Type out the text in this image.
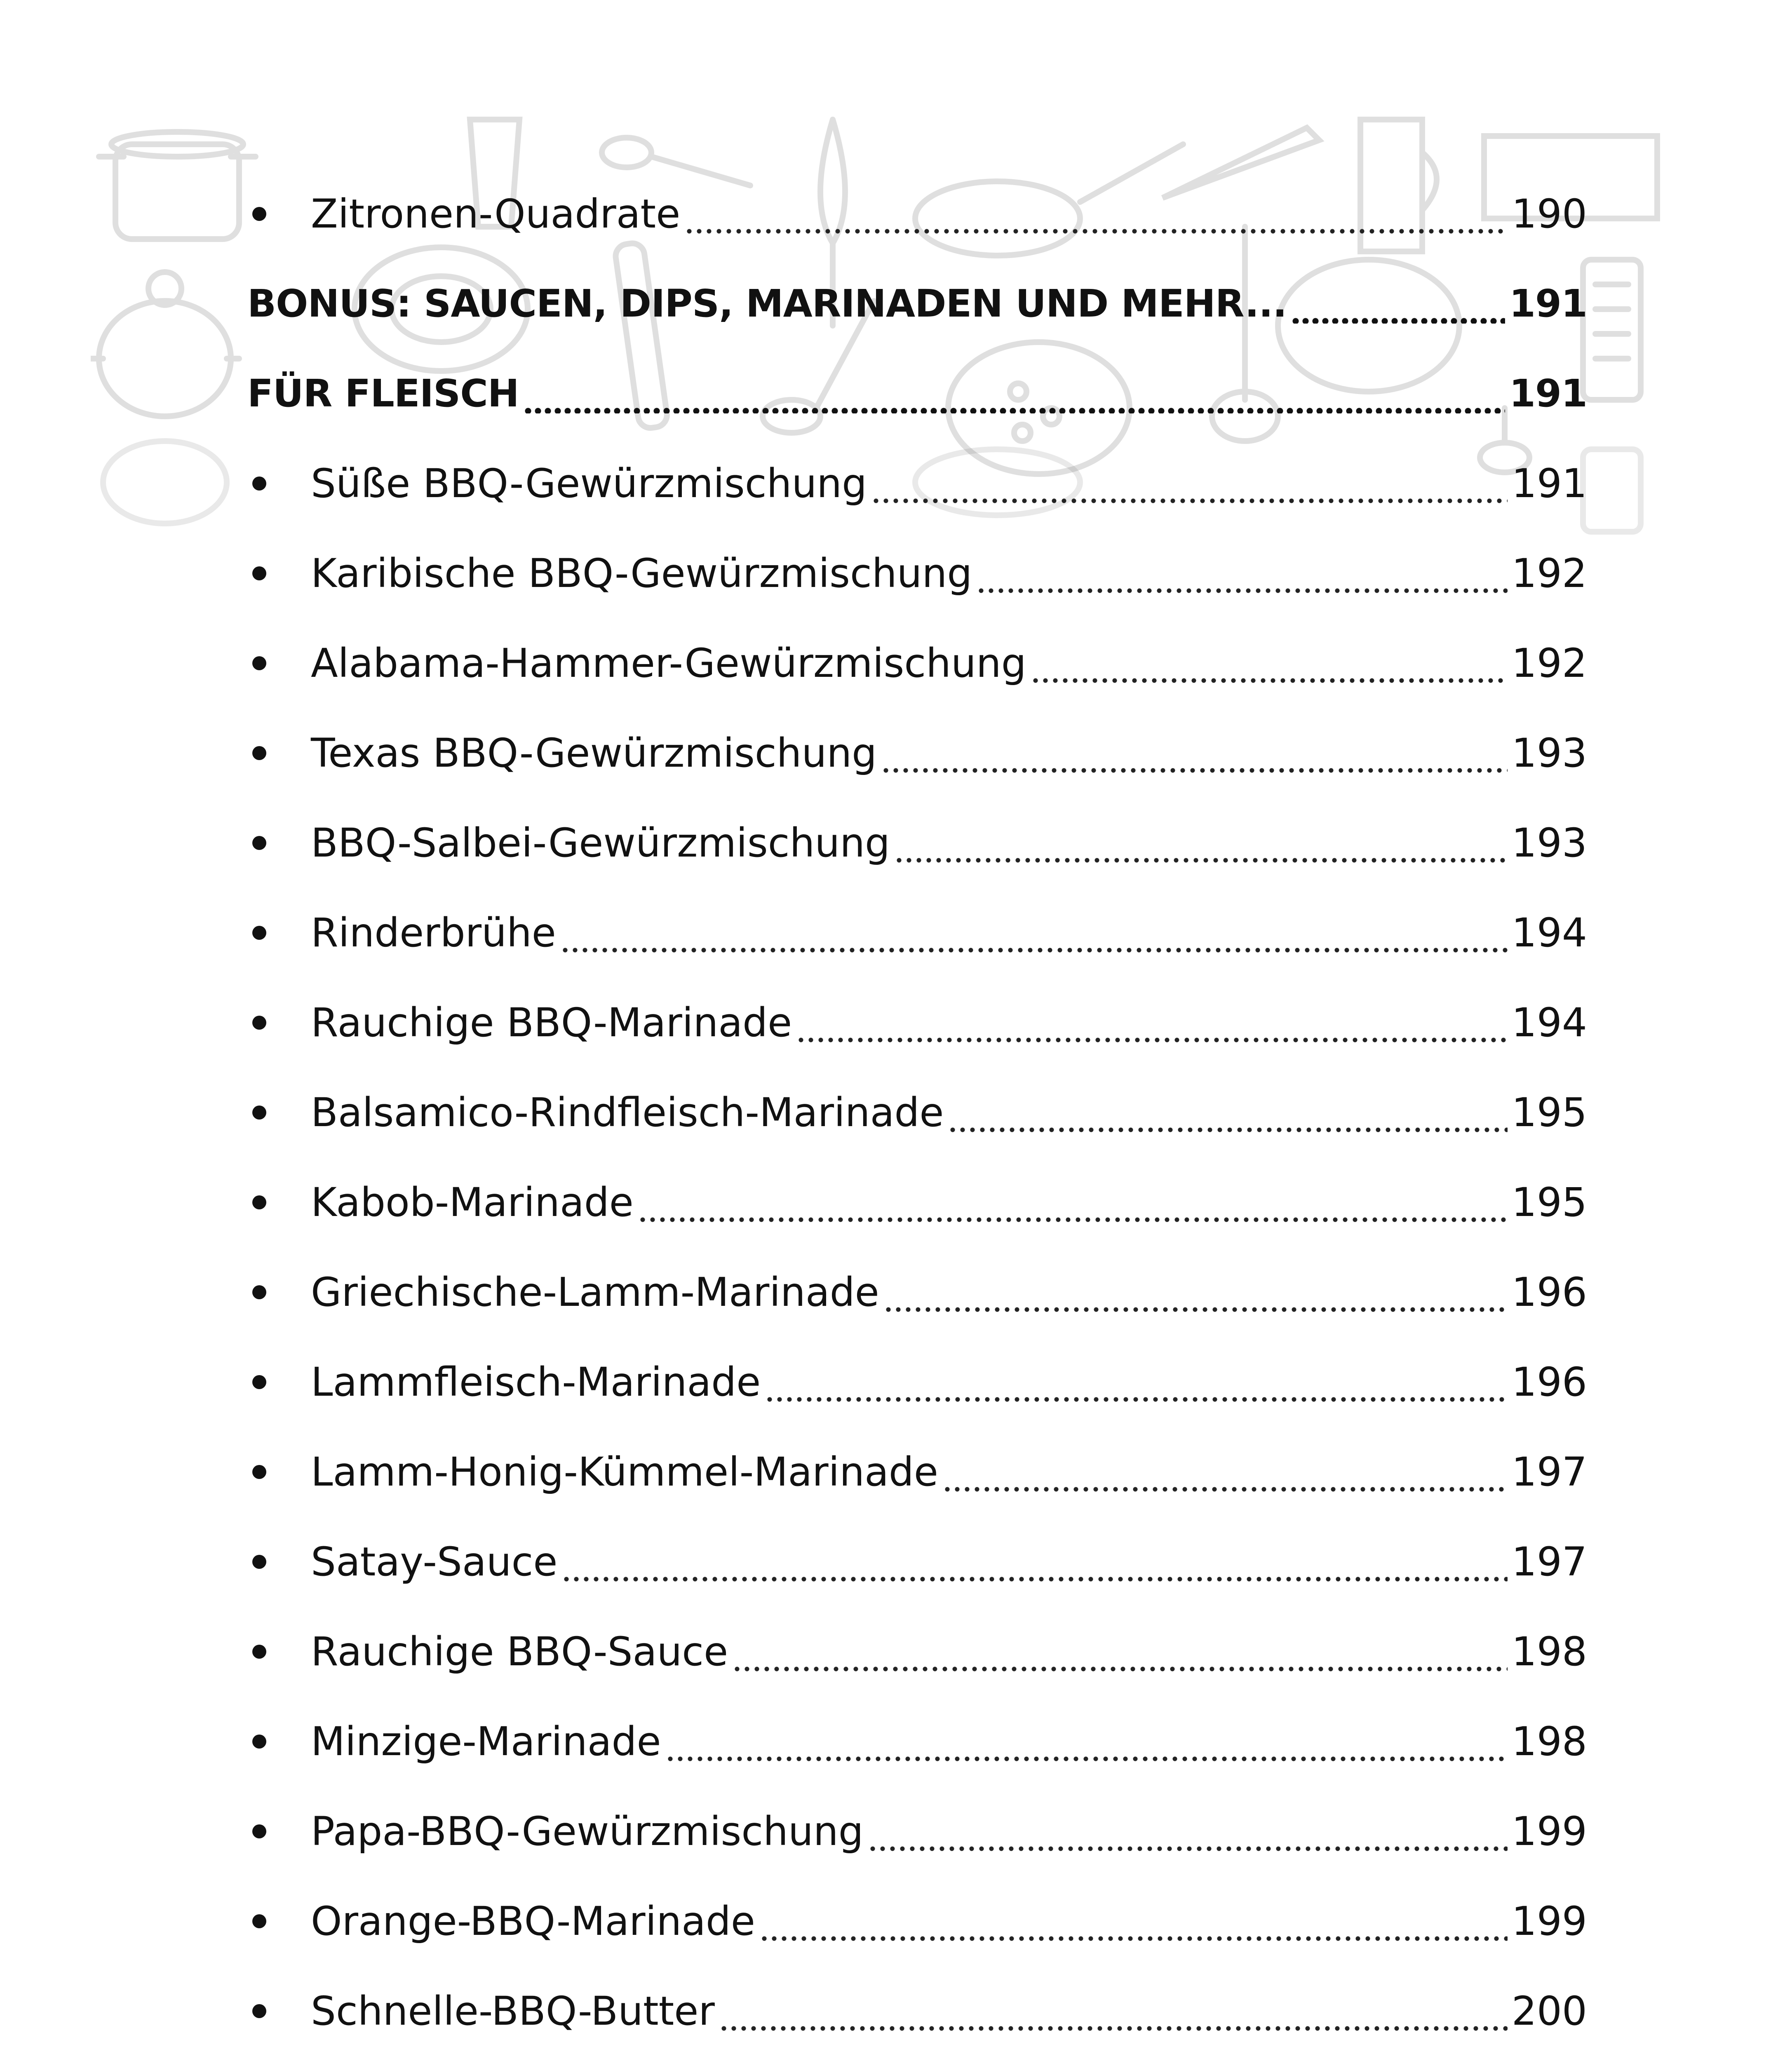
Zitronen-Quadrate	190
BONUS: SAUCEN, DIPS, MARINADEN UND MEHR...	191
FÜR FLEISCH	191
Süße BBQ-Gewürzmischung	191
Karibische BBQ-Gewürzmischung	192
Alabama-Hammer-Gewürzmischung	192
Texas BBQ-Gewürzmischung	193
BBQ-Salbei-Gewürzmischung	193
Rinderbrühe	194
Rauchige BBQ-Marinade	194
Balsamico-Rindfleisch-Marinade	195
Kabob-Marinade	195
Griechische-Lamm-Marinade	196
Lammfleisch-Marinade	196
Lamm-Honig-Kümmel-Marinade	197
Satay-Sauce	197
Rauchige BBQ-Sauce	198
Minzige-Marinade	198
Papa-BBQ-Gewürzmischung	199
Orange-BBQ-Marinade	199
Schnelle-BBQ-Butter	200
